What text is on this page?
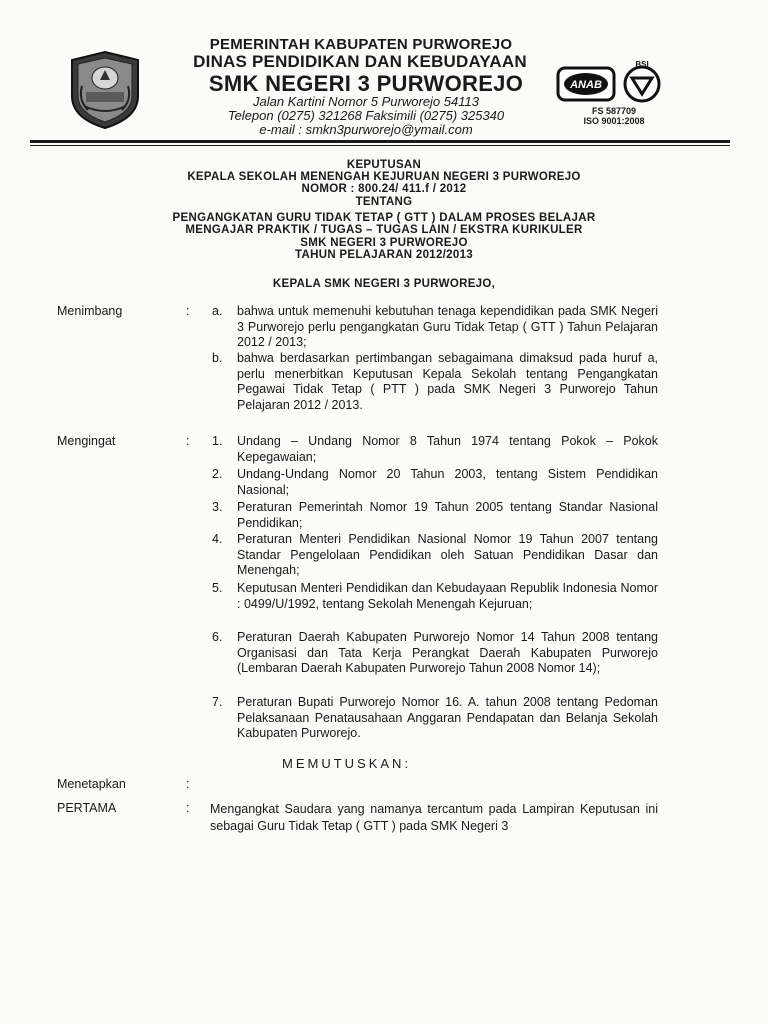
PEMERINTAH KABUPATEN PURWOREJO
DINAS PENDIDIKAN DAN KEBUDAYAAN
SMK NEGERI 3 PURWOREJO
Jalan Kartini Nomor 5 Purworejo 54113
Telepon (0275) 321268 Faksimili (0275) 325340
e-mail : smkn3purworejo@ymail.com
ANAB
BSI
FS 587709
ISO 9001:2008
KEPUTUSAN
KEPALA SEKOLAH MENENGAH KEJURUAN NEGERI 3 PURWOREJO
NOMOR : 800.24/ 411.f / 2012
TENTANG
PENGANGKATAN GURU TIDAK TETAP ( GTT ) DALAM PROSES BELAJAR
MENGAJAR PRAKTIK / TUGAS – TUGAS LAIN / EKSTRA KURIKULER
SMK NEGERI 3 PURWOREJO
TAHUN PELAJARAN 2012/2013
KEPALA SMK NEGERI 3 PURWOREJO,
Menimbang	: a.	bahwa untuk memenuhi kebutuhan tenaga kependidikan pada SMK Negeri 3 Purworejo perlu pengangkatan Guru Tidak Tetap ( GTT ) Tahun Pelajaran 2012 / 2013;
b.	bahwa berdasarkan pertimbangan sebagaimana dimaksud pada huruf a, perlu menerbitkan Keputusan Kepala Sekolah tentang Pengangkatan Pegawai Tidak Tetap ( PTT ) pada SMK Negeri 3 Purworejo Tahun Pelajaran 2012 / 2013.
Mengingat	: 1.	Undang – Undang Nomor 8 Tahun 1974 tentang Pokok – Pokok Kepegawaian;
2.	Undang-Undang Nomor 20 Tahun 2003, tentang Sistem Pendidikan Nasional;
3.	Peraturan Pemerintah Nomor 19 Tahun 2005 tentang Standar Nasional Pendidikan;
4.	Peraturan Menteri Pendidikan Nasional Nomor 19 Tahun 2007 tentang Standar Pengelolaan Pendidikan oleh Satuan Pendidikan Dasar dan Menengah;
5.	Keputusan Menteri Pendidikan dan Kebudayaan Republik Indonesia Nomor : 0499/U/1992, tentang Sekolah Menengah Kejuruan;
6.	Peraturan Daerah Kabupaten Purworejo Nomor 14 Tahun 2008 tentang Organisasi dan Tata Kerja Perangkat Daerah Kabupaten Purworejo (Lembaran Daerah Kabupaten Purworejo Tahun 2008 Nomor 14);
7.	Peraturan Bupati Purworejo Nomor 16. A. tahun 2008 tentang Pedoman Pelaksanaan Penatausahaan Anggaran Pendapatan dan Belanja Sekolah Kabupaten Purworejo.
MEMUTUSKAN:
Menetapkan	:
PERTAMA	: Mengangkat Saudara yang namanya tercantum pada Lampiran Keputusan ini sebagai Guru Tidak Tetap ( GTT ) pada SMK Negeri 3
